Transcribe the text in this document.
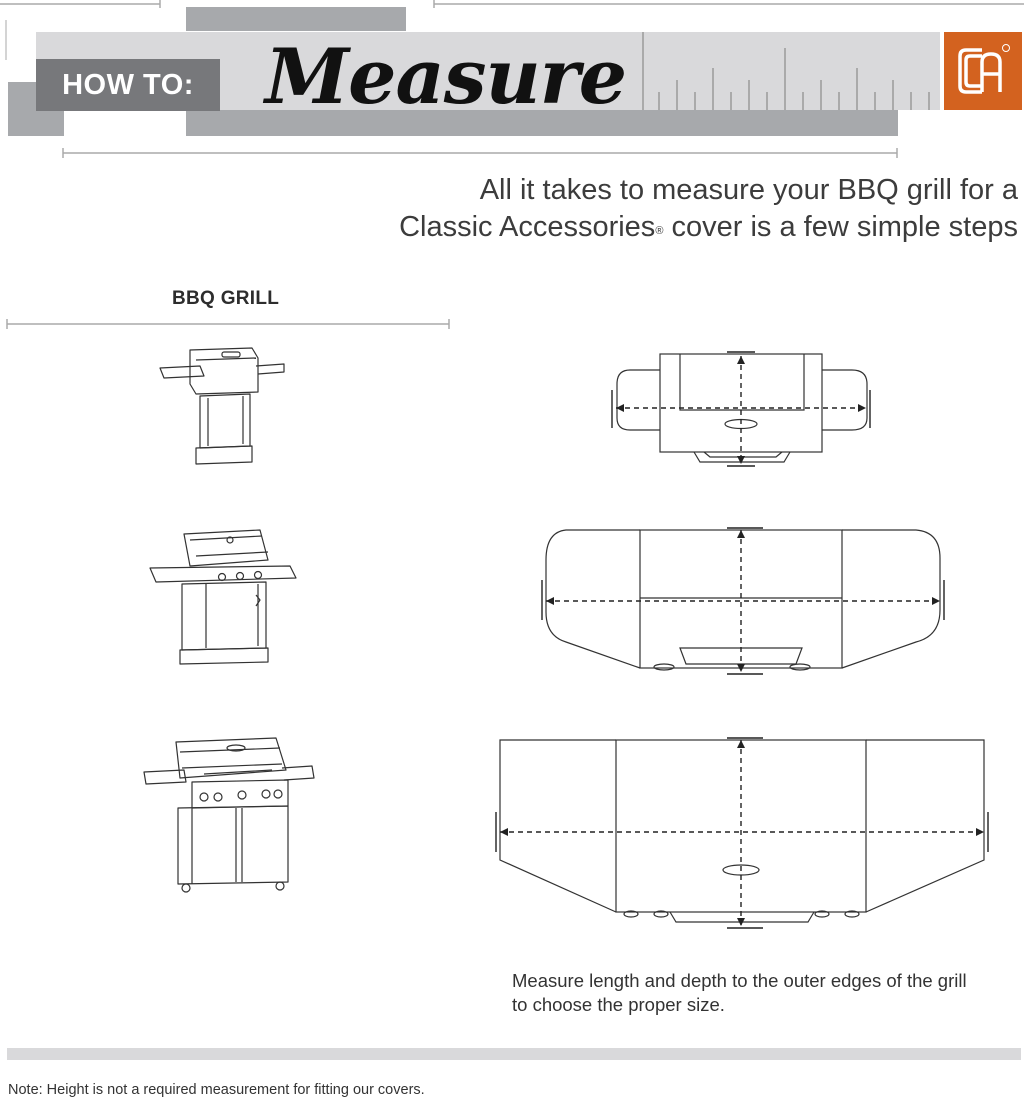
HOW TO: Measure
All it takes to measure your BBQ grill for a
Classic Accessories® cover is a few simple steps
BBQ GRILL
Measure length and depth to the outer edges of the grill
to choose the proper size.
Note: Height is not a required measurement for fitting our covers.
